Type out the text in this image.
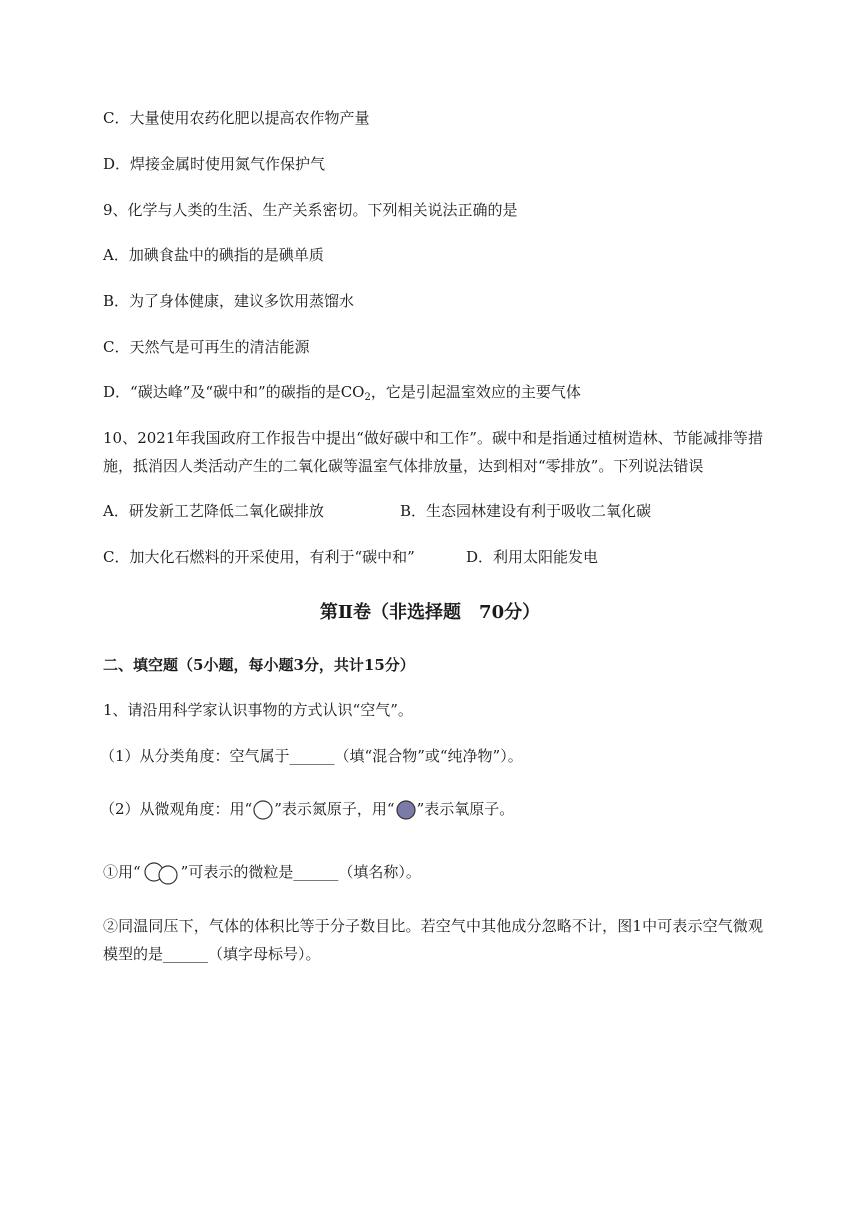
C．大量使用农药化肥以提高农作物产量
D．焊接金属时使用氮气作保护气
9、化学与人类的生活、生产关系密切。下列相关说法正确的是
A．加碘食盐中的碘指的是碘单质
B．为了身体健康，建议多饮用蒸馏水
C．天然气是可再生的清洁能源
D．“碳达峰”及“碳中和”的碳指的是$CO_2$，它是引起温室效应的主要气体
10、2021年我国政府工作报告中提出“做好碳中和工作”。碳中和是指通过植树造林、节能减排等措施，抵消因人类活动产生的二氧化碳等温室气体排放量，达到相对“零排放”。下列说法错误
A．研发新工艺降低二氧化碳排放	B．生态园林建设有利于吸收二氧化碳
C．加大化石燃料的开采使用，有利于“碳中和”	D．利用太阳能发电
第Ⅱ卷（非选择题　70分）
二、填空题（5小题，每小题3分，共计15分）
1、请沿用科学家认识事物的方式认识“空气”。
（1）从分类角度：空气属于______（填“混合物”或“纯净物”）。
（2）从微观角度：用“ ”表示氮原子，用“ ”表示氧原子。
①用“	”可表示的微粒是______（填名称）。
②同温同压下，气体的体积比等于分子数目比。若空气中其他成分忽略不计，图1中可表示空气微观模型的是______（填字母标号）。
